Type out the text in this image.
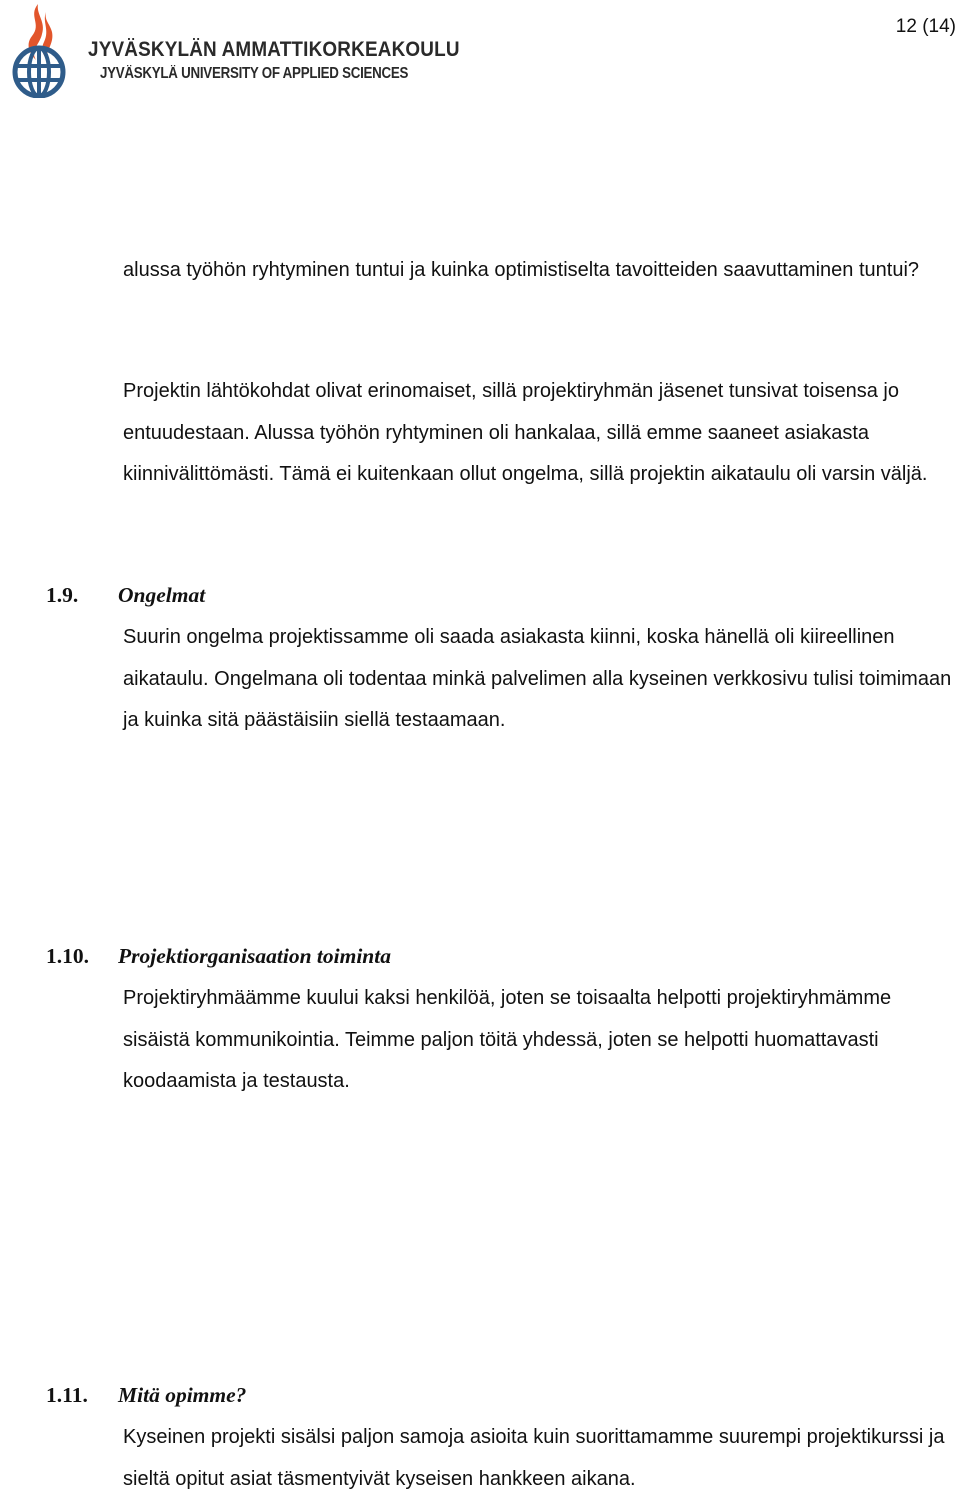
JYVÄSKYLÄN AMMATTIKORKEAKOULU
JYVÄSKYLÄ UNIVERSITY OF APPLIED SCIENCES
12 (14)

alussa työhön ryhtyminen tuntui ja kuinka optimistiselta tavoitteiden saavuttaminen tuntui?

Projektin lähtökohdat olivat erinomaiset, sillä projektiryhmän jäsenet tunsivat toisensa jo entuudestaan. Alussa työhön ryhtyminen oli hankalaa, sillä emme saaneet asiakasta kiinnivälittömästi. Tämä ei kuitenkaan ollut ongelma, sillä projektin aikataulu oli varsin väljä.

1.9. Ongelmat

Suurin ongelma projektissamme oli saada asiakasta kiinni, koska hänellä oli kiireellinen aikataulu. Ongelmana oli todentaa minkä palvelimen alla kyseinen verkkosivu tulisi toimimaan ja kuinka sitä päästäisiin siellä testaamaan.

1.10. Projektiorganisaation toiminta

Projektiryhmäämme kuului kaksi henkilöä, joten se toisaalta helpotti projektiryhmämme sisäistä kommunikointia. Teimme paljon töitä yhdessä, joten se helpotti huomattavasti koodaamista ja testausta.

1.11. Mitä opimme?

Kyseinen projekti sisälsi paljon samoja asioita kuin suorittamamme suurempi projektikurssi ja sieltä opitut asiat täsmentyivät kyseisen hankkeen aikana.
